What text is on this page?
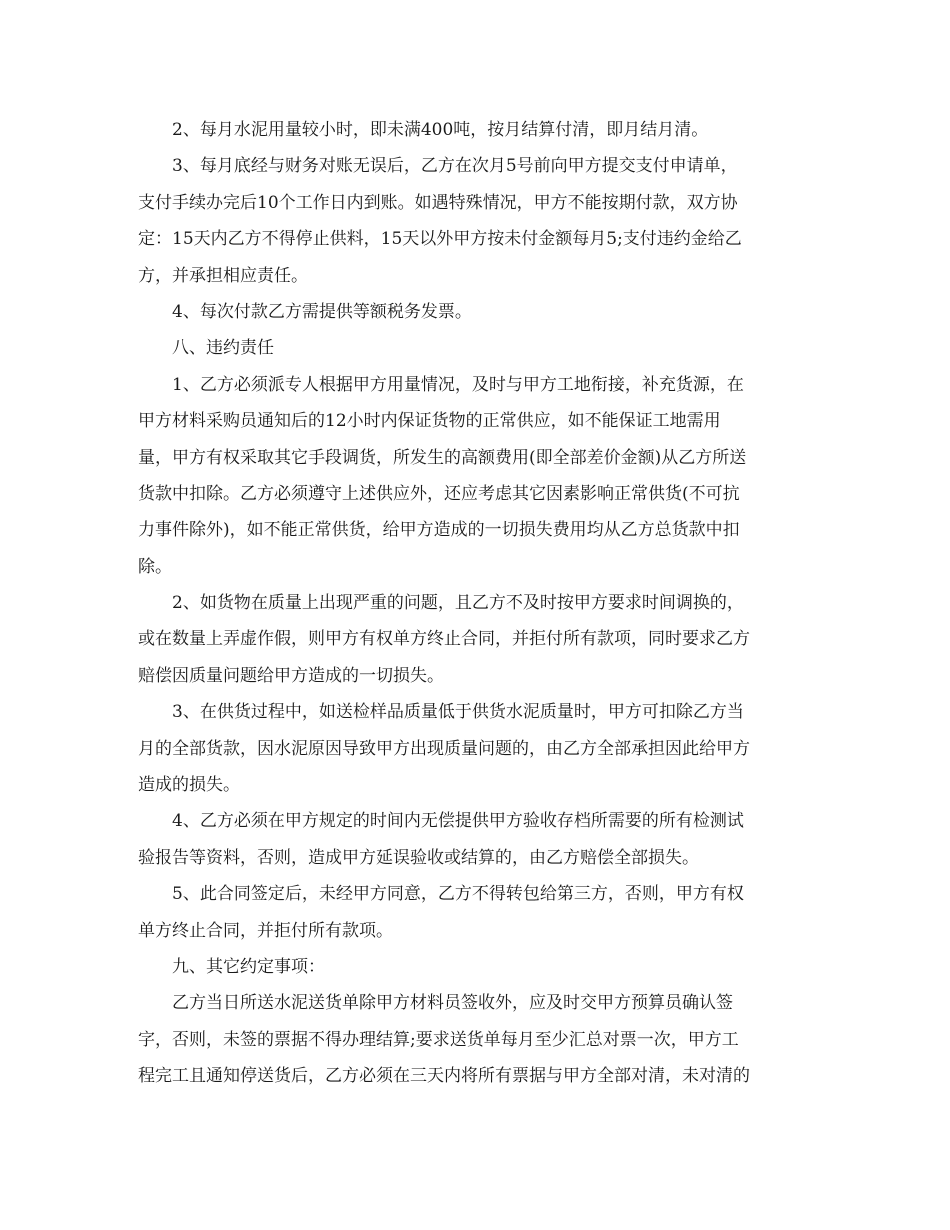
2、每月水泥用量较小时，即未满400吨，按月结算付清，即月结月清。
3、每月底经与财务对账无误后，乙方在次月5号前向甲方提交支付申请单，
支付手续办完后10个工作日内到账。如遇特殊情况，甲方不能按期付款，双方协
定：15天内乙方不得停止供料，15天以外甲方按未付金额每月5;支付违约金给乙
方，并承担相应责任。
4、每次付款乙方需提供等额税务发票。
八、违约责任
1、乙方必须派专人根据甲方用量情况，及时与甲方工地衔接，补充货源，在
甲方材料采购员通知后的12小时内保证货物的正常供应，如不能保证工地需用
量，甲方有权采取其它手段调货，所发生的高额费用(即全部差价金额)从乙方所送
货款中扣除。乙方必须遵守上述供应外，还应考虑其它因素影响正常供货(不可抗
力事件除外)，如不能正常供货，给甲方造成的一切损失费用均从乙方总货款中扣
除。
2、如货物在质量上出现严重的问题，且乙方不及时按甲方要求时间调换的，
或在数量上弄虚作假，则甲方有权单方终止合同，并拒付所有款项，同时要求乙方
赔偿因质量问题给甲方造成的一切损失。
3、在供货过程中，如送检样品质量低于供货水泥质量时，甲方可扣除乙方当
月的全部货款，因水泥原因导致甲方出现质量问题的，由乙方全部承担因此给甲方
造成的损失。
4、乙方必须在甲方规定的时间内无偿提供甲方验收存档所需要的所有检测试
验报告等资料，否则，造成甲方延误验收或结算的，由乙方赔偿全部损失。
5、此合同签定后，未经甲方同意，乙方不得转包给第三方，否则，甲方有权
单方终止合同，并拒付所有款项。
九、其它约定事项：
乙方当日所送水泥送货单除甲方材料员签收外，应及时交甲方预算员确认签
字，否则，未签的票据不得办理结算;要求送货单每月至少汇总对票一次，甲方工
程完工且通知停送货后，乙方必须在三天内将所有票据与甲方全部对清，未对清的
